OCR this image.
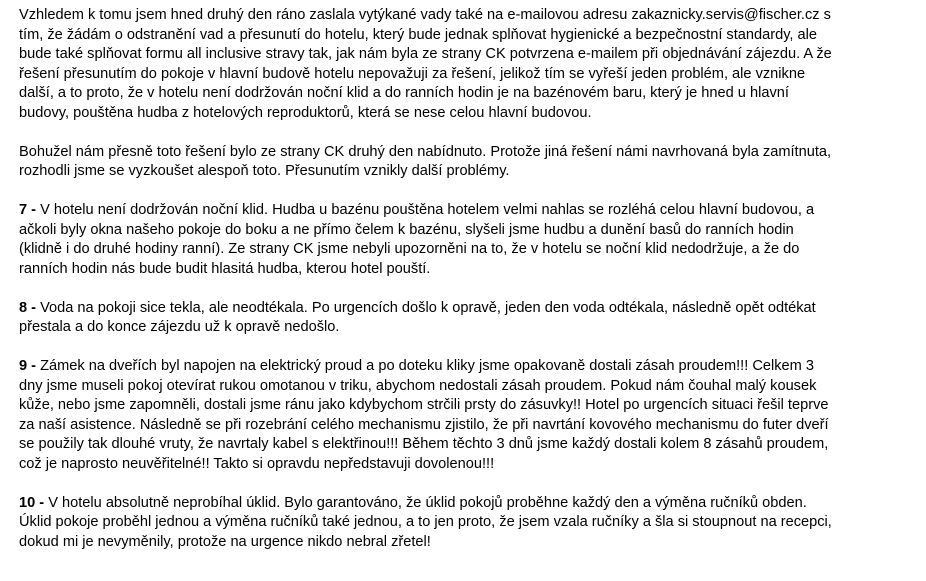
Vzhledem k tomu jsem hned druhý den ráno zaslala vytýkané vady také na e-mailovou adresu zakaznicky.servis@fischer.cz s
tím, že žádám o odstranění vad a přesunutí do hotelu, který bude jednak splňovat hygienické a bezpečnostní standardy, ale
bude také splňovat formu all inclusive stravy tak, jak nám byla ze strany CK potvrzena e-mailem při objednávání zájezdu. A že
řešení přesunutím do pokoje v hlavní budově hotelu nepovažuji za řešení, jelikož tím se vyřeší jeden problém, ale vznikne
další, a to proto, že v hotelu není dodržován noční klid a do ranních hodin je na bazénovém baru, který je hned u hlavní
budovy, pouštěna hudba z hotelových reproduktorů, která se nese celou hlavní budovou.

Bohužel nám přesně toto řešení bylo ze strany CK druhý den nabídnuto. Protože jiná řešení námi navrhovaná byla zamítnuta,
rozhodli jsme se vyzkoušet alespoň toto. Přesunutím vznikly další problémy.

7 - V hotelu není dodržován noční klid. Hudba u bazénu pouštěna hotelem velmi nahlas se rozléhá celou hlavní budovou, a
ačkoli byly okna našeho pokoje do boku a ne přímo čelem k bazénu, slyšeli jsme hudbu a dunění basů do ranních hodin
(klidně i do druhé hodiny ranní). Ze strany CK jsme nebyli upozorněni na to, že v hotelu se noční klid nedodržuje, a že do
ranních hodin nás bude budit hlasitá hudba, kterou hotel pouští.

8 - Voda na pokoji sice tekla, ale neodtékala. Po urgencích došlo k opravě, jeden den voda odtékala, následně opět odtékat
přestala a do konce zájezdu už k opravě nedošlo.

9 - Zámek na dveřích byl napojen na elektrický proud a po doteku kliky jsme opakovaně dostali zásah proudem!!! Celkem 3
dny jsme museli pokoj otevírat rukou omotanou v triku, abychom nedostali zásah proudem. Pokud nám čouhal malý kousek
kůže, nebo jsme zapomněli, dostali jsme ránu jako kdybychom strčili prsty do zásuvky!! Hotel po urgencích situaci řešil teprve
za naší asistence. Následně se při rozebrání celého mechanismu zjistilo, že při navrtání kovového mechanismu do futer dveří
se použily tak dlouhé vruty, že navrtaly kabel s elektřinou!!! Během těchto 3 dnů jsme každý dostali kolem 8 zásahů proudem,
což je naprosto neuvěřitelné!! Takto si opravdu nepředstavuji dovolenou!!!

10 - V hotelu absolutně neprobíhal úklid. Bylo garantováno, že úklid pokojů proběhne každý den a výměna ručníků obden.
Úklid pokoje proběhl jednou a výměna ručníků také jednou, a to jen proto, že jsem vzala ručníky a šla si stoupnout na recepci,
dokud mi je nevyměnily, protože na urgence nikdo nebral zřetel!
